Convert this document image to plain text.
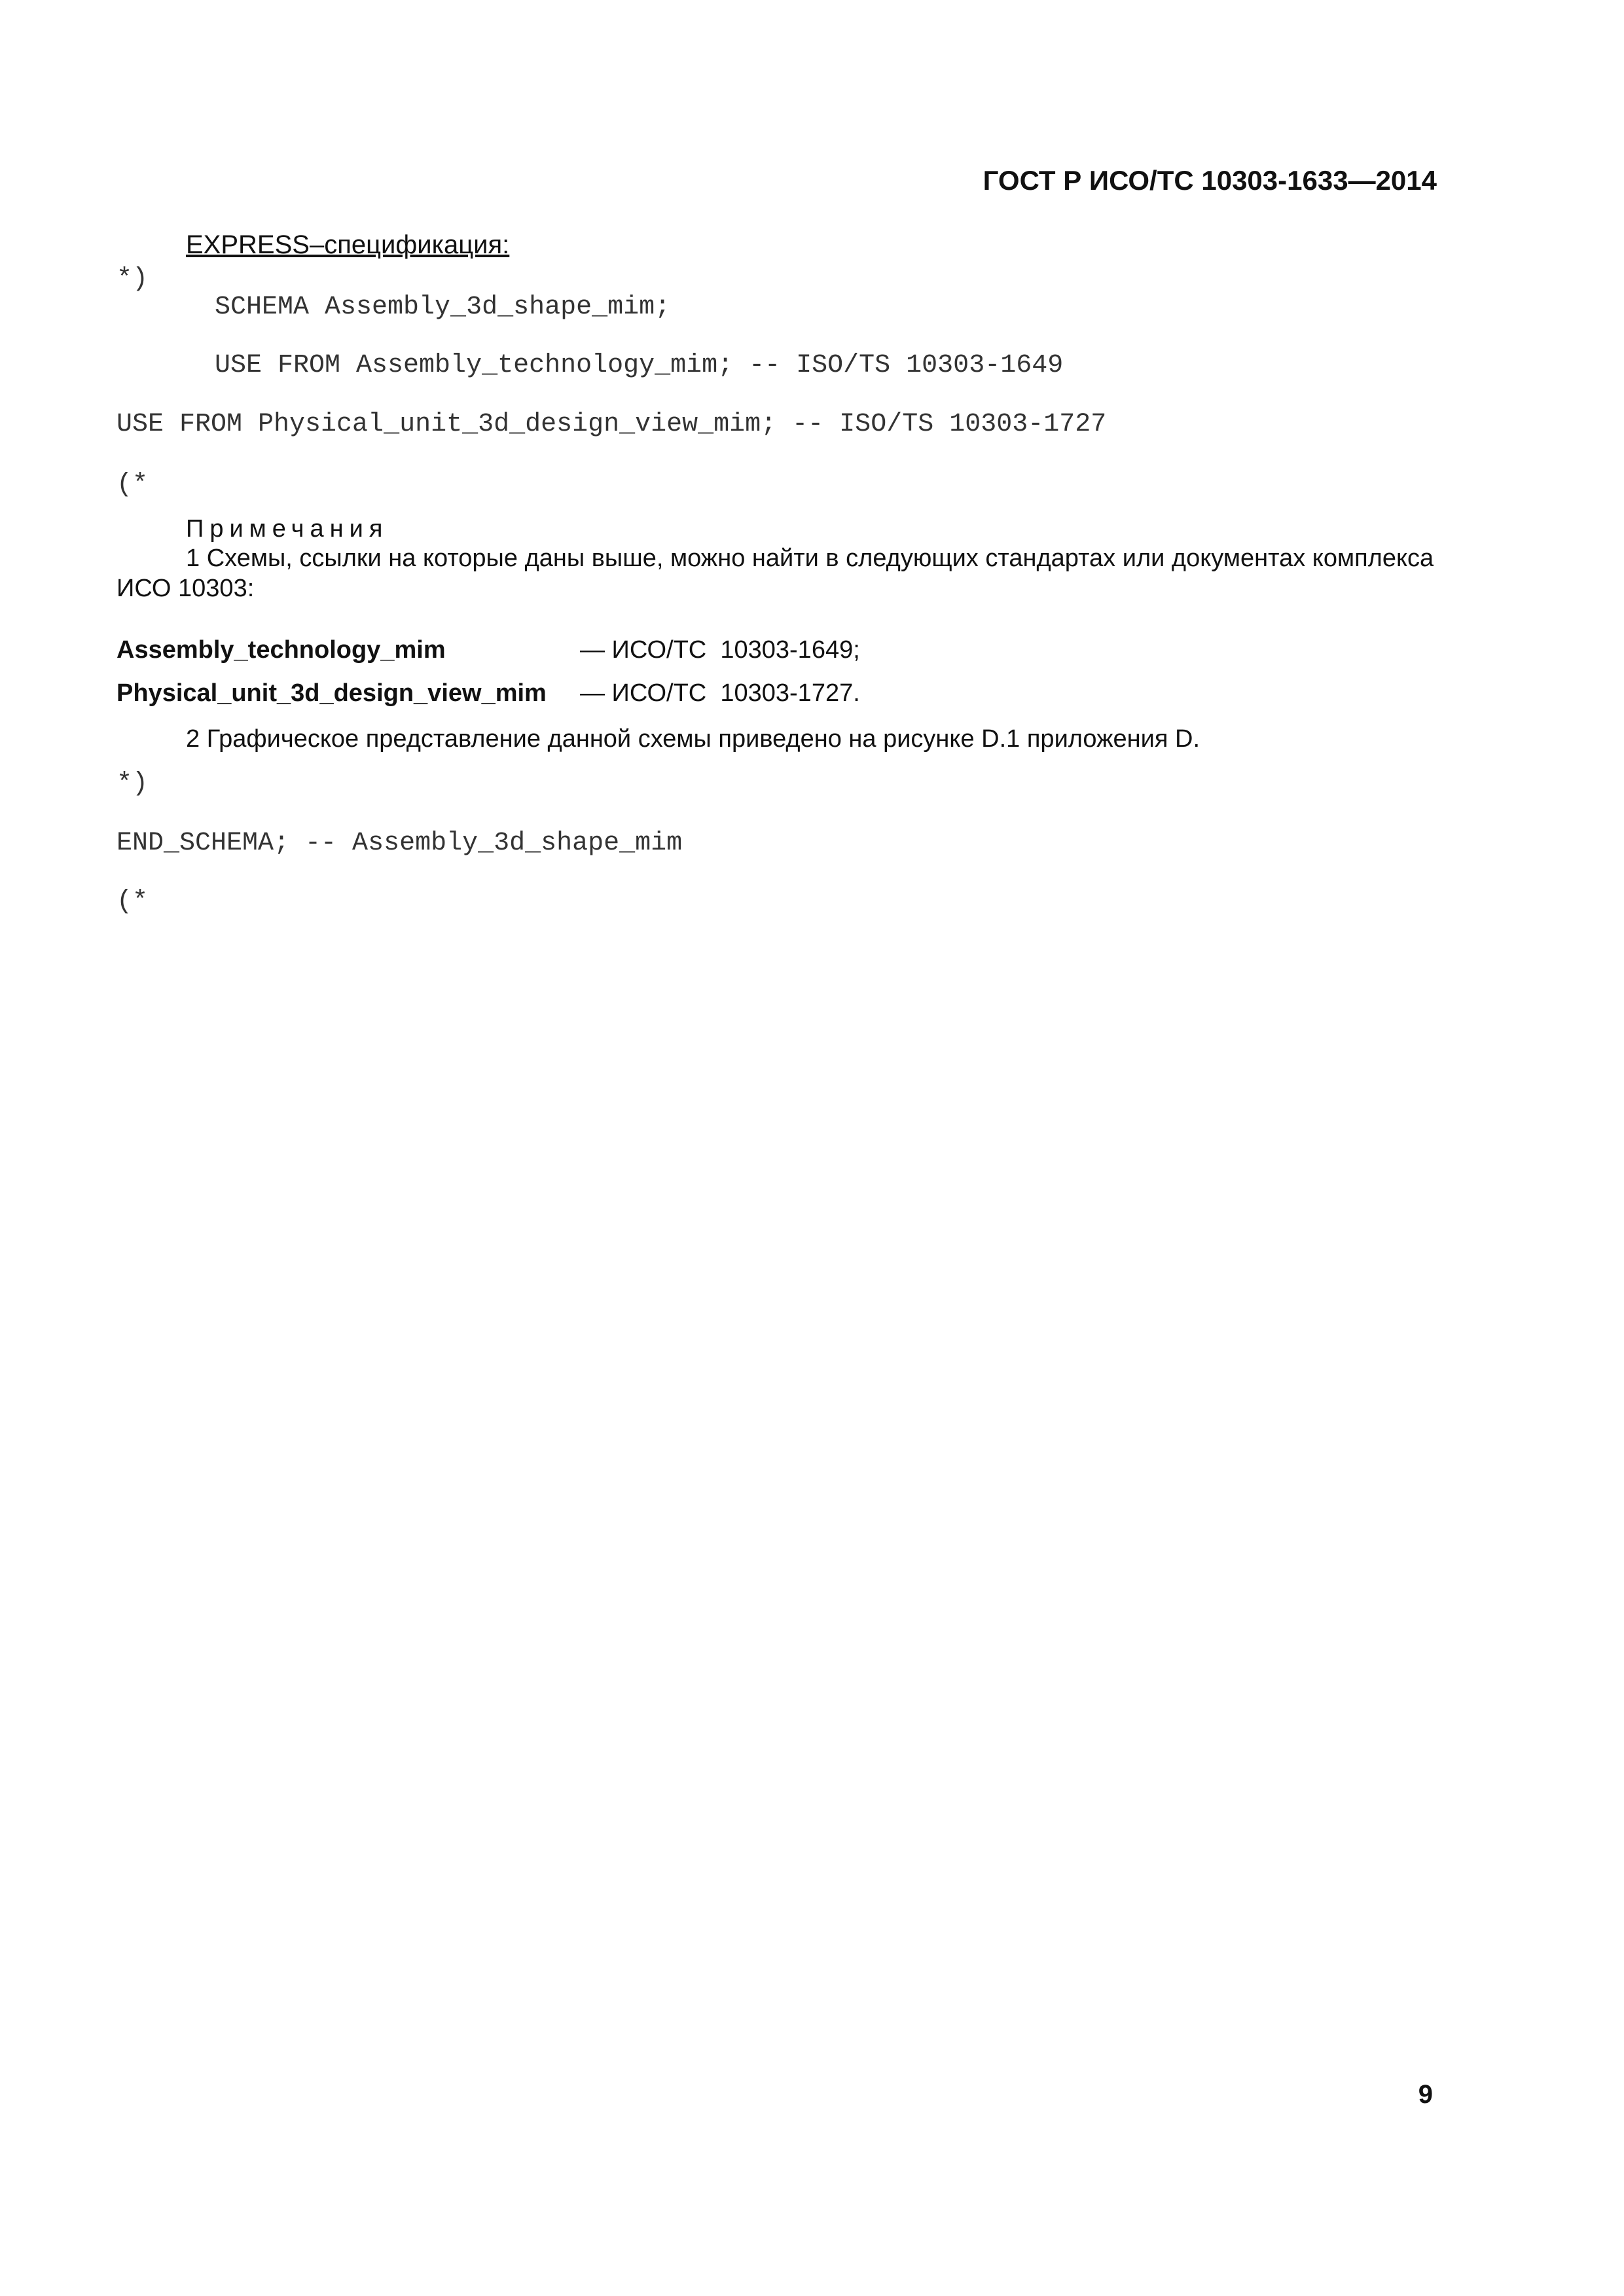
ГОСТ Р ИСО/ТС 10303-1633—2014
EXPRESS–спецификация:
*)
SCHEMA Assembly_3d_shape_mim;
USE FROM Assembly_technology_mim; -- ISO/TS 10303-1649
USE FROM Physical_unit_3d_design_view_mim; -- ISO/TS 10303-1727
(*
Примечания
1 Схемы, ссылки на которые даны выше, можно найти в следующих стандартах или документах комплекса ИСО 10303:
Assembly_technology_mim	— ИСО/ТС  10303-1649;
Physical_unit_3d_design_view_mim — ИСО/ТС  10303-1727.
2 Графическое представление данной схемы приведено на рисунке D.1 приложения D.
*)
END_SCHEMA; -- Assembly_3d_shape_mim
(*
9
